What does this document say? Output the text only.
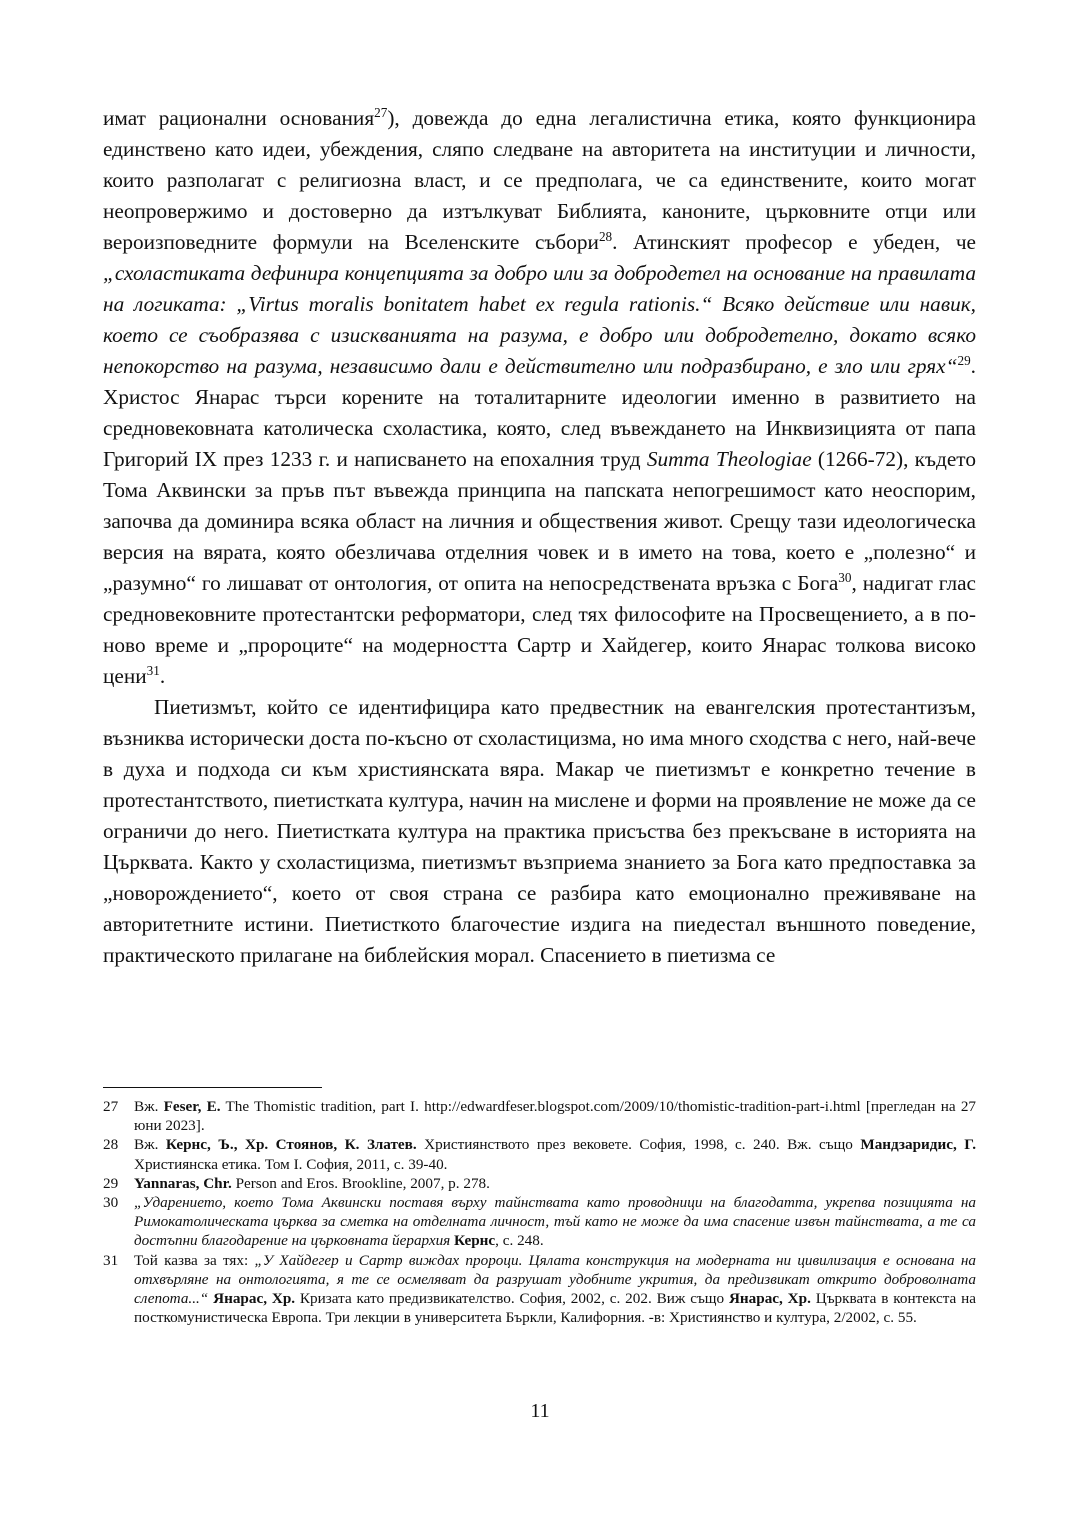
имат рационални основания$^{27}$), довежда до една легалистична етика, която функционира единствено като идеи, убеждения, сляпо следване на авторитета на институции и личности, които разполагат с религиозна власт, и се предполага, че са единствените, които могат неопровержимо и достоверно да изтълкуват Библията, каноните, църковните отци или вероизповедните формули на Вселенските събори$^{28}$. Атинският професор е убеден, че „схоластиката дефинира концепцията за добро или за добродетел на основание на правилата на логиката: „Virtus moralis bonitatem habet ex regula rationis.“ Всяко действие или навик, което се съобразява с изискванията на разума, е добро или добродетелно, докато всяко непокорство на разума, независимо дали е действително или подразбирано, е зло или грях“$^{29}$. Христос Янарас търси корените на тоталитарните идеологии именно в развитието на средновековната католическа схоластика, която, след въвеждането на Инквизицията от папа Григорий IX през 1233 г. и написването на епохалния труд Summa Theologiae (1266-72), където Тома Аквински за пръв път въвежда принципа на папската непогрешимост като неоспорим, започва да доминира всяка област на личния и обществения живот. Срещу тази идеологическа версия на вярата, която обезличава отделния човек и в името на това, което е „полезно“ и „разумно“ го лишават от онтология, от опита на непосредствената връзка с Бога$^{30}$, надигат глас средновековните протестантски реформатори, след тях философите на Просвещението, а в по-ново време и „пророците“ на модерността Сартр и Хайдегер, които Янарас толкова високо цени$^{31}$.

Пиетизмът, който се идентифицира като предвестник на евангелския протестантизъм, възниква исторически доста по-късно от схоластицизма, но има много сходства с него, най-вече в духа и подхода си към християнската вяра. Макар че пиетизмът е конкретно течение в протестантството, пиетистката култура, начин на мислене и форми на проявление не може да се ограничи до него. Пиетистката култура на практика присъства без прекъсване в историята на Църквата. Както у схоластицизма, пиетизмът възприема знанието за Бога като предпоставка за „новорождението“, което от своя страна се разбира като емоционално преживяване на авторитетните истини. Пиетисткото благочестие издига на пиедестал външното поведение, практическото прилагане на библейския морал. Спасението в пиетизма се

27	Вж. Feser, E. The Thomistic tradition, part I. http://edwardfeser.blogspot.com/2009/10/thomistic-tradition-part-i.html [прегледан на 27 юни 2023].
28	Вж. Кернс, Ъ., Хр. Стоянов, К. Златев. Християнството през вековете. София, 1998, с. 240. Вж. също Мандзаридис, Г. Християнска етика. Том I. София, 2011, с. 39-40.
29	Yannaras, Chr. Person and Eros. Brookline, 2007, p. 278.
30	„Ударението, което Тома Аквински поставя върху тайнствата като проводници на благодатта, укрепва позицията на Римокатолическата църква за сметка на отделната личност, тъй като не може да има спасение извън тайнствата, а те са достъпни благодарение на църковната йерархия Кернс, с. 248.
31	Той казва за тях: „У Хайдегер и Сартр виждах пророци. Цялата конструкция на модерната ни цивилизация е основана на отхвърляне на онтологията, я те се осмеляват да разрушат удобните укрития, да предизвикат открито доброволната слепота...“ Янарас, Хр. Кризата като предизвикателство. София, 2002, с. 202. Виж също Янарас, Хр. Църквата в контекста на посткомунистическа Европа. Три лекции в университета Бъркли, Калифорния. -в: Християнство и култура, 2/2002, с. 55.
11
